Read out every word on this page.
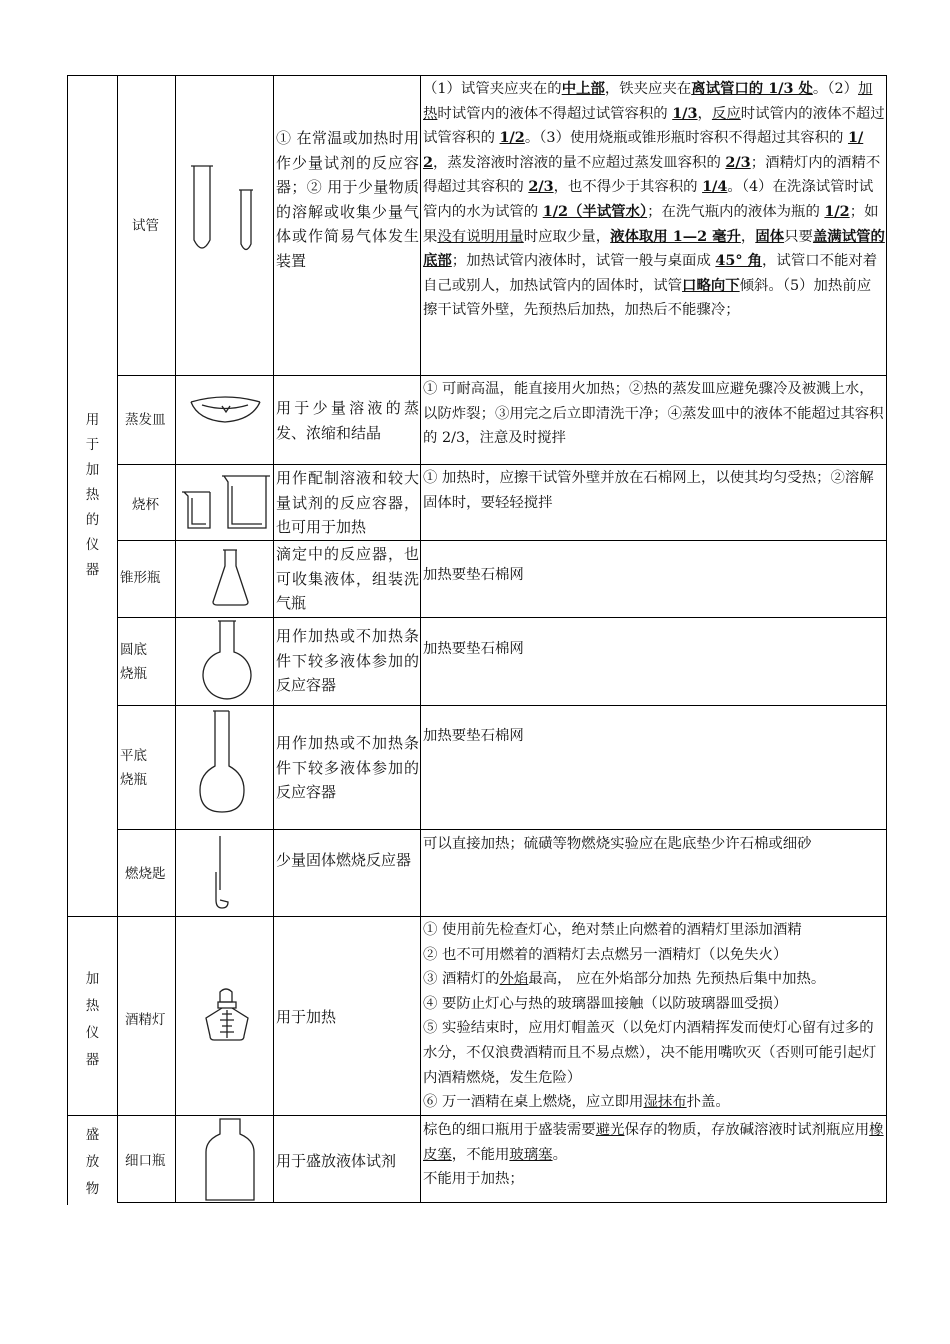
用
于
加
热
的
仪
器
加
热
仪
器
盛
放
物
试管
① 在常温或加热时用作少量试剂的反应容器；② 用于少量物质的溶解或收集少量气体或作简易气体发生装置
（1）试管夹应夹在的中上部，铁夹应夹在离试管口的 1/3 处。（2）加热时试管内的液体不得超过试管容积的 1/3，反应时试管内的液体不超过试管容积的 1/2。（3）使用烧瓶或锥形瓶时容积不得超过其容积的 1/2，蒸发溶液时溶液的量不应超过蒸发皿容积的 2/3；酒精灯内的酒精不得超过其容积的 2/3，也不得少于其容积的 1/4。（4）在洗涤试管时试管内的水为试管的 1/2（半试管水）；在洗气瓶内的液体为瓶的 1/2；如果没有说明用量时应取少量，液体取用 1—2 毫升，固体只要盖满试管的底部；加热试管内液体时，试管一般与桌面成 45° 角，试管口不能对着自己或别人，加热试管内的固体时，试管口略向下倾斜。（5）加热前应擦干试管外壁，先预热后加热，加热后不能骤冷；
蒸发皿
用于少量溶液的蒸发、浓缩和结晶
① 可耐高温，能直接用火加热；②热的蒸发皿应避免骤冷及被溅上水，以防炸裂；③用完之后立即清洗干净；④蒸发皿中的液体不能超过其容积的 2/3，注意及时搅拌
烧杯
用作配制溶液和较大量试剂的反应容器，也可用于加热
① 加热时，应擦干试管外壁并放在石棉网上，以使其均匀受热；②溶解固体时，要轻轻搅拌
锥形瓶
滴定中的反应器，也可收集液体，组装洗气瓶
加热要垫石棉网
圆底烧瓶
用作加热或不加热条件下较多液体参加的反应容器
加热要垫石棉网
平底烧瓶
用作加热或不加热条件下较多液体参加的反应容器
加热要垫石棉网
燃烧匙
少量固体燃烧反应器
可以直接加热；硫磺等物燃烧实验应在匙底垫少许石棉或细砂
酒精灯	用于加热
① 使用前先检查灯心，绝对禁止向燃着的酒精灯里添加酒精
② 也不可用燃着的酒精灯去点燃另一酒精灯（以免失火）
③ 酒精灯的外焰最高， 应在外焰部分加热 先预热后集中加热。
④ 要防止灯心与热的玻璃器皿接触（以防玻璃器皿受损）
⑤ 实验结束时，应用灯帽盖灭（以免灯内酒精挥发而使灯心留有过多的水分，不仅浪费酒精而且不易点燃），决不能用嘴吹灭（否则可能引起灯内酒精燃烧，发生危险）
⑥ 万一酒精在桌上燃烧，应立即用湿抹布扑盖。
细口瓶	用于盛放液体试剂
棕色的细口瓶用于盛装需要避光保存的物质，存放碱溶液时试剂瓶应用橡皮塞，不能用玻璃塞。
不能用于加热；
